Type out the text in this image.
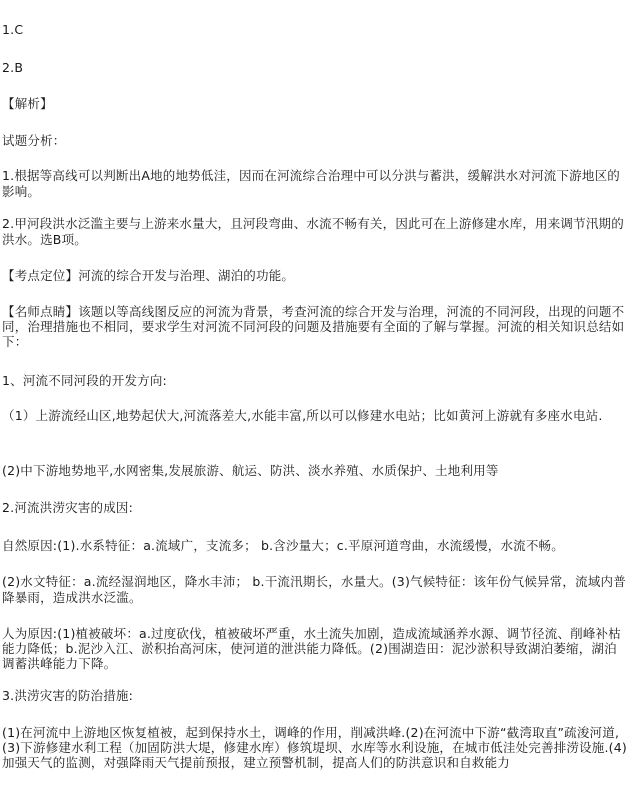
1.C
2.B
【解析】
试题分析：
1.根据等高线可以判断出A地的地势低洼，因而在河流综合治理中可以分洪与蓄洪，缓解洪水对河流下游地区的影响。
2.甲河段洪水泛滥主要与上游来水量大，且河段弯曲、水流不畅有关，因此可在上游修建水库，用来调节汛期的洪水。选B项。
【考点定位】河流的综合开发与治理、湖泊的功能。
【名师点睛】该题以等高线图反应的河流为背景，考查河流的综合开发与治理，河流的不同河段，出现的问题不同，治理措施也不相同，要求学生对河流不同河段的问题及措施要有全面的了解与掌握。河流的相关知识总结如下：
1、河流不同河段的开发方向:
（1）上游流经山区,地势起伏大,河流落差大,水能丰富,所以可以修建水电站；比如黄河上游就有多座水电站.
(2)中下游地势地平,水网密集,发展旅游、航运、防洪、淡水养殖、水质保护、土地利用等
2.河流洪涝灾害的成因:
自然原因:(1).水系特征：a.流域广，支流多； b.含沙量大；c.平原河道弯曲，水流缓慢，水流不畅。
(2)水文特征：a.流经湿润地区，降水丰沛； b.干流汛期长，水量大。(3)气候特征：该年份气候异常，流域内普降暴雨，造成洪水泛滥。
人为原因:(1)植被破坏：a.过度砍伐，植被破坏严重，水土流失加剧，造成流域涵养水源、调节径流、削峰补枯能力降低；b.泥沙入江、淤积抬高河床，使河道的泄洪能力降低。(2)围湖造田：泥沙淤积导致湖泊萎缩，湖泊调蓄洪峰能力下降。
3.洪涝灾害的防治措施:
(1)在河流中上游地区恢复植被，起到保持水土，调峰的作用，削减洪峰.(2)在河流中下游“截湾取直”疏浚河道,(3)下游修建水利工程（加固防洪大堤，修建水库）修筑堤坝、水库等水利设施，在城市低洼处完善排涝设施.(4)加强天气的监测，对强降雨天气提前预报，建立预警机制，提高人们的防洪意识和自救能力
